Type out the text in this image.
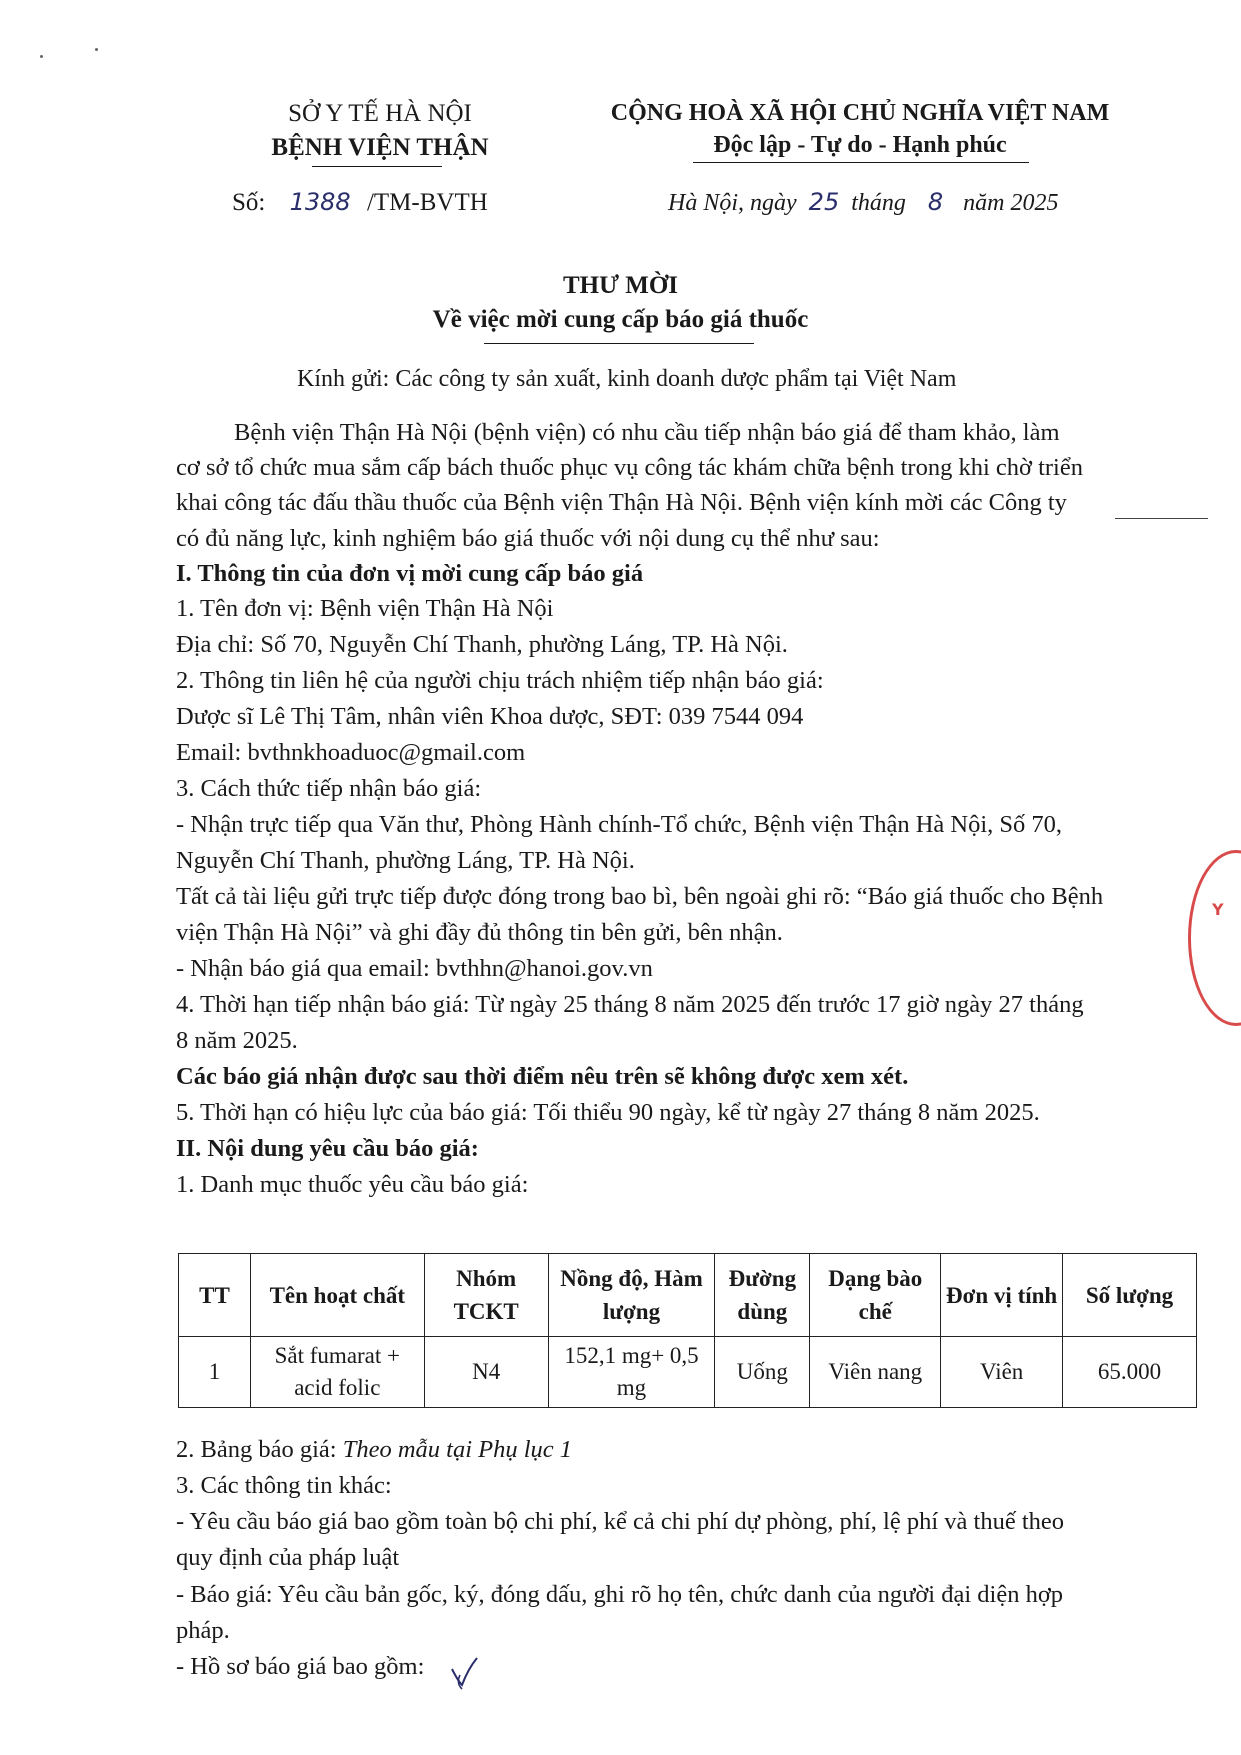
SỞ Y TẾ HÀ NỘI
BỆNH VIỆN THẬN
Số: 1388 /TM-BVTH
CỘNG HOÀ XÃ HỘI CHỦ NGHĨA VIỆT NAM
Độc lập - Tự do - Hạnh phúc
Hà Nội, ngày 25 tháng 8 năm 2025
THƯ MỜI
Về việc mời cung cấp báo giá thuốc
Kính gửi: Các công ty sản xuất, kinh doanh dược phẩm tại Việt Nam
Bệnh viện Thận Hà Nội (bệnh viện) có nhu cầu tiếp nhận báo giá để tham khảo, làm
cơ sở tổ chức mua sắm cấp bách thuốc phục vụ công tác khám chữa bệnh trong khi chờ triển
khai công tác đấu thầu thuốc của Bệnh viện Thận Hà Nội. Bệnh viện kính mời các Công ty
có đủ năng lực, kinh nghiệm báo giá thuốc với nội dung cụ thể như sau:
I. Thông tin của đơn vị mời cung cấp báo giá
1. Tên đơn vị: Bệnh viện Thận Hà Nội
Địa chỉ: Số 70, Nguyễn Chí Thanh, phường Láng, TP. Hà Nội.
2. Thông tin liên hệ của người chịu trách nhiệm tiếp nhận báo giá:
Dược sĩ Lê Thị Tâm, nhân viên Khoa dược, SĐT: 039 7544 094
Email: bvthnkhoaduoc@gmail.com
3. Cách thức tiếp nhận báo giá:
- Nhận trực tiếp qua Văn thư, Phòng Hành chính-Tổ chức, Bệnh viện Thận Hà Nội, Số 70,
Nguyễn Chí Thanh, phường Láng, TP. Hà Nội.
Tất cả tài liệu gửi trực tiếp được đóng trong bao bì, bên ngoài ghi rõ: “Báo giá thuốc cho Bệnh
viện Thận Hà Nội” và ghi đầy đủ thông tin bên gửi, bên nhận.
- Nhận báo giá qua email: bvthhn@hanoi.gov.vn
4. Thời hạn tiếp nhận báo giá: Từ ngày 25 tháng 8 năm 2025 đến trước 17 giờ ngày 27 tháng
8 năm 2025.
Các báo giá nhận được sau thời điểm nêu trên sẽ không được xem xét.
5. Thời hạn có hiệu lực của báo giá: Tối thiểu 90 ngày, kể từ ngày 27 tháng 8 năm 2025.
II. Nội dung yêu cầu báo giá:
1. Danh mục thuốc yêu cầu báo giá:
TT	Tên hoạt chất	Nhóm TCKT	Nồng độ, Hàm lượng	Đường dùng	Dạng bào chế	Đơn vị tính	Số lượng
1	Sắt fumarat + acid folic	N4	152,1 mg+ 0,5 mg	Uống	Viên nang	Viên	65.000
2. Bảng báo giá: Theo mẫu tại Phụ lục 1
3. Các thông tin khác:
- Yêu cầu báo giá bao gồm toàn bộ chi phí, kể cả chi phí dự phòng, phí, lệ phí và thuế theo
quy định của pháp luật
- Báo giá: Yêu cầu bản gốc, ký, đóng dấu, ghi rõ họ tên, chức danh của người đại diện hợp
pháp.
- Hồ sơ báo giá bao gồm:
Y
